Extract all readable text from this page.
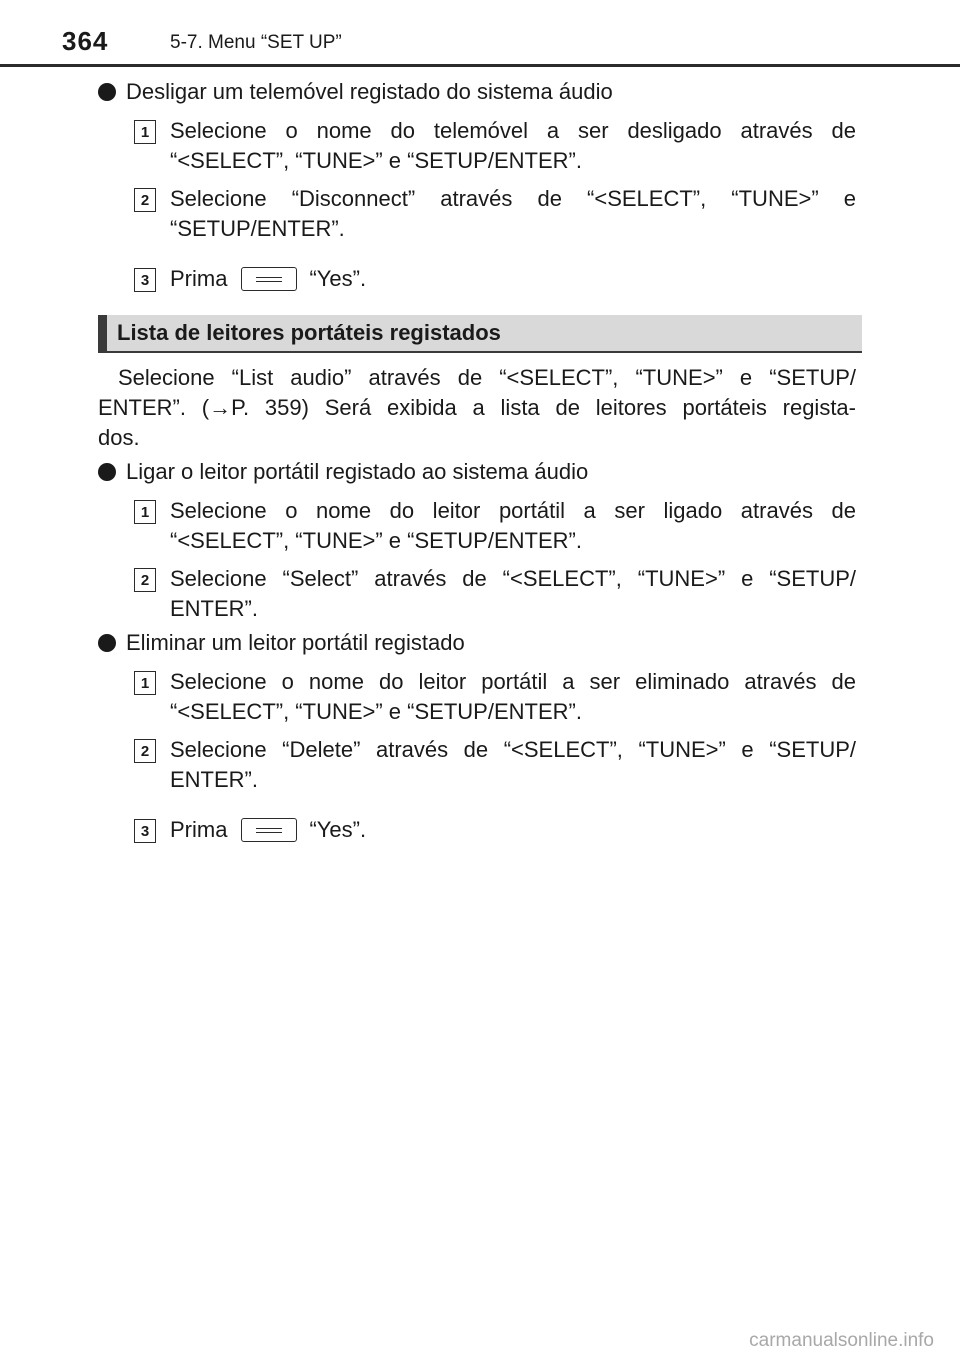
364	5-7. Menu “SET UP”
Desligar um telemóvel registado do sistema áudio
1 Selecione o nome do telemóvel a ser desligado através de
“<SELECT”, “TUNE>” e “SETUP/ENTER”.
2 Selecione “Disconnect” através de “<SELECT”, “TUNE>” e
“SETUP/ENTER”.
3 Prima	“Yes”.
Lista de leitores portáteis registados
Selecione “List audio” através de “<SELECT”, “TUNE>” e “SETUP/
ENTER”. (→P. 359) Será exibida a lista de leitores portáteis regista-
dos.
Ligar o leitor portátil registado ao sistema áudio
1 Selecione o nome do leitor portátil a ser ligado através de
“<SELECT”, “TUNE>” e “SETUP/ENTER”.
2 Selecione “Select” através de “<SELECT”, “TUNE>” e “SETUP/
ENTER”.
Eliminar um leitor portátil registado
1 Selecione o nome do leitor portátil a ser eliminado através de
“<SELECT”, “TUNE>” e “SETUP/ENTER”.
2 Selecione “Delete” através de “<SELECT”, “TUNE>” e “SETUP/
ENTER”.
3 Prima	“Yes”.
carmanualsonline.info
